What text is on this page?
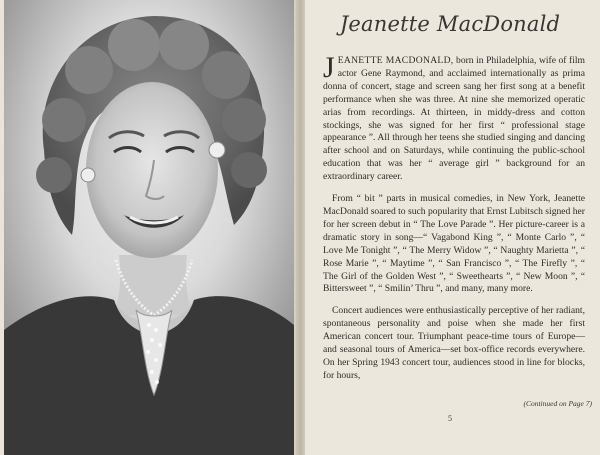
Jeanette MacDonald

JEANETTE MACDONALD, born in Philadelphia, wife of film actor Gene Raymond, and acclaimed internationally as prima donna of concert, stage and screen sang her first song at a benefit performance when she was three. At nine she memorized operatic arias from recordings. At thirteen, in middy-dress and cotton stockings, she was signed for her first “ professional stage appearance ”. All through her teens she studied singing and dancing after school and on Saturdays, while continuing the public-school education that was her “ average girl ” background for an extraordinary career.

From “ bit ” parts in musical comedies, in New York, Jeanette MacDonald soared to such popularity that Ernst Lubitsch signed her for her screen debut in “ The Love Parade ”. Her picture-career is a dramatic story in song—“ Vagabond King ”, “ Monte Carlo ”, “ Love Me Tonight ”, “ The Merry Widow ”, “ Naughty Marietta ”, “ Rose Marie ”, “ Maytime ”, “ San Francisco ”, “ The Firefly ”, “ The Girl of the Golden West ”, “ Sweethearts ”, “ New Moon ”, “ Bittersweet ”, “ Smilin’ Thru ”, and many, many more.

Concert audiences were enthusiastically perceptive of her radiant, spontaneous personality and poise when she made her first American concert tour. Triumphant peace-time tours of Europe—and seasonal tours of America—set box-office records everywhere. On her Spring 1943 concert tour, audiences stood in line for blocks, for hours,

(Continued on Page 7)
5
